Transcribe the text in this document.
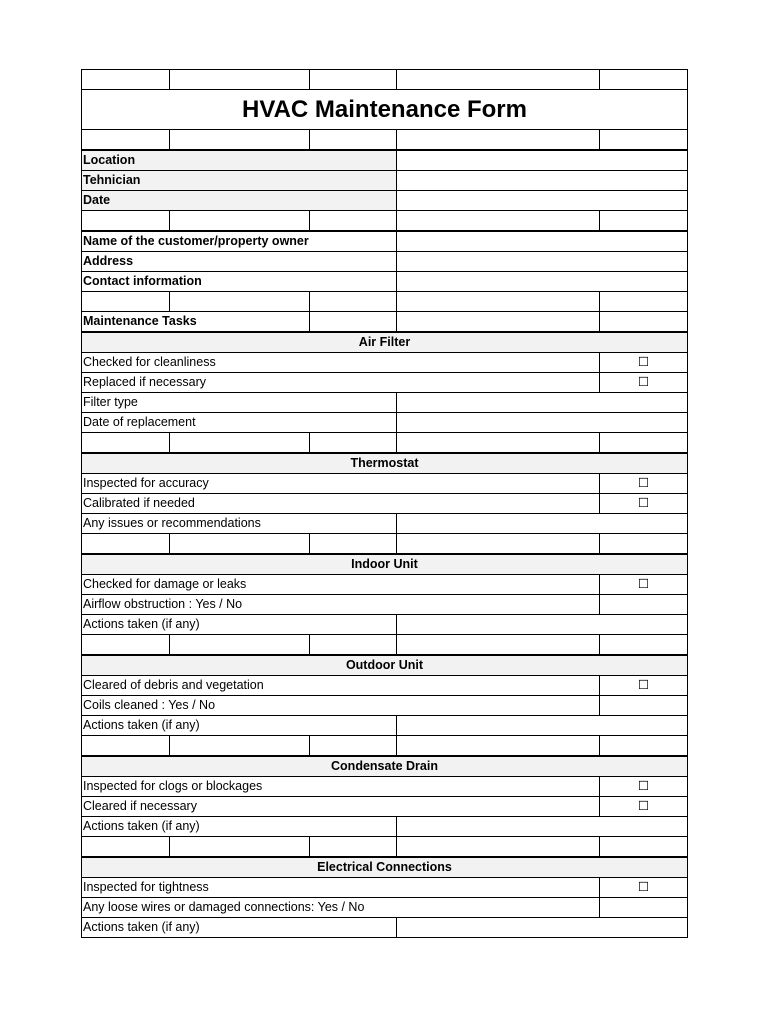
HVAC Maintenance Form				

Location				
Tehnician				
Date				

Name of the customer/property owner				
Address				
Contact information				

Maintenance Tasks				
Air Filter				
Checked for cleanliness				☐
Replaced if necessary				☐
Filter type				
Date of replacement				

Thermostat				
Inspected for accuracy				☐
Calibrated if needed				☐
Any issues or recommendations				

Indoor Unit				
Checked for damage or leaks				☐
Airflow obstruction : Yes / No				
Actions taken (if any)				

Outdoor Unit				
Cleared of debris and vegetation				☐
Coils cleaned : Yes / No				
Actions taken (if any)				

Condensate Drain				
Inspected for clogs or blockages				☐
Cleared if necessary				☐
Actions taken (if any)				

Electrical Connections				
Inspected for tightness				☐
Any loose wires or damaged connections: Yes / No				
Actions taken (if any)				
